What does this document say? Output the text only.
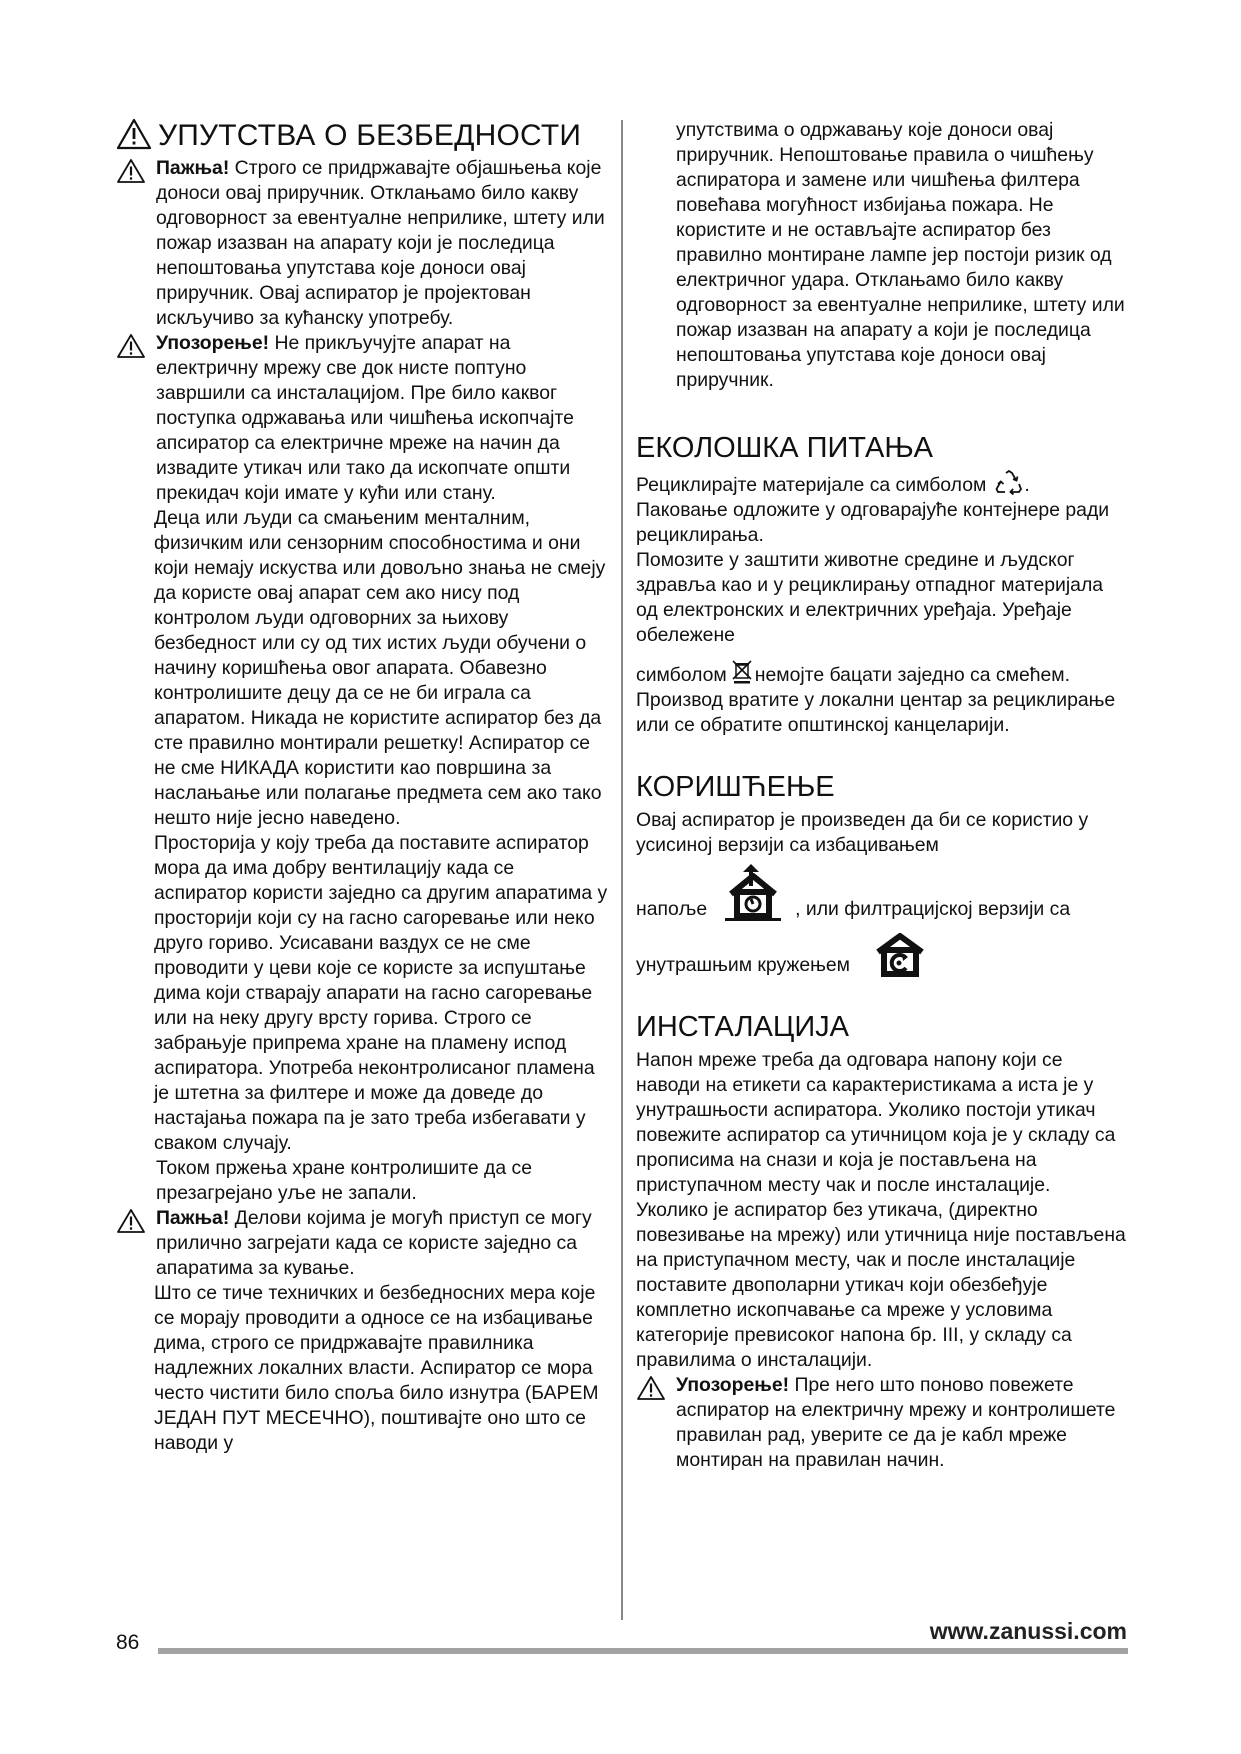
УПУТСТВА О БЕЗБЕДНОСТИ

Пажња! Строго се придржавајте објашњења које доноси овај приручник. Отклањамо било какву одговорност за евентуалне неприлике, штету или пожар изазван на апарату који је последица непоштовања упутстава које доноси овај приручник. Овај аспиратор је пројектован искључиво за кућанску употребу.

Упозорење! Не прикључујте апарат на електричну мрежу све док нисте поптуно завршили са инсталацијом. Пре било каквог поступка одржавања или чишћења ископчајте апсиратор са електричне мреже на начин да извадите утикач или тако да ископчате општи прекидач који имате у кући или стану.

Деца или људи са смањеним менталним, физичким или сензорним способностима и они који немају искуства или довољно знања не смеју да користе овај апарат сем ако нису под контролом људи одговорних за њихову безбедност или су од тих истих људи обучени о начину коришћења овог апарата. Обавезно контролишите децу да се не би играла са апаратом. Никада не користите аспиратор без да сте правилно монтирали решетку! Аспиратор се не сме НИКАДА користити као површина за наслањање или полагање предмета сем ако тако нешто није јесно наведено.

Просторија у коју треба да поставите аспиратор мора да има добру вентилацију када се аспиратор користи заједно са другим апаратима у просторији који су на гасно сагоревање или неко друго гориво. Усисавани ваздух се не сме проводити у цеви које се користе за испуштање дима који стварају апарати на гасно сагоревање или на неку другу врсту горива. Строго се забрањује припрема хране на пламену испод аспиратора. Употреба неконтролисаног пламена је штетна за филтере и може да доведе до настајања пожара па је зато треба избегавати у сваком случају.

Током пржења хране контролишите да се презагрејано уље не запали.

Пажња! Делови којима је могућ приступ се могу прилично загрејати када се користе заједно са апаратима за кување.

Што се тиче техничких и безбедносних мера које се морају проводити а односе се на избацивање дима, строго се придржавајте правилника надлежних локалних власти. Аспиратор се мора често чистити било споља било изнутра (БАРЕМ ЈЕДАН ПУТ МЕСЕЧНО), поштивајте оно што се наводи у

упутствима о одржавању које доноси овај приручник. Непоштовање правила о чишћењу аспиратора и замене или чишћења филтера повећава могућност избијања пожара. Не користите и не остављајте аспиратор без правилно монтиране лампе јер постоји ризик од електричног удара. Отклањамо било какву одговорност за евентуалне неприлике, штету или пожар изазван на апарату а који је последица непоштовања упутстава које доноси овај приручник.

ЕКОЛОШКА ПИТАЊА

Рециклирајте материјале са симболом .

Паковање одложите у одговарајуће контејнере ради рециклирања.

Помозите у заштити животне средине и људског здравља као и у рециклирању отпадног материјала од електронских и електричних уређаја. Уређаје обележене

симболом немојте бацати заједно са смећем. Производ вратите у локални центар за рециклирање или се обратите општинској канцеларији.

КОРИШЋЕЊЕ

Овај аспиратор је произведен да би се користио у усисиној верзији са избацивањем

напоље	, или филтрацијској верзији са

унутрашњим кружењем

ИНСТАЛАЦИЈА

Напон мреже треба да одговара напону који се наводи на етикети са карактеристикама а иста је у унутрашњости аспиратора. Уколико постоји утикач повежите аспиратор са утичницом која је у складу са прописима на снази и која је постављена на приступачном месту чак и после инсталације.

Уколико је аспиратор без утикача, (директно повезивање на мрежу) или утичница није постављена на приступачном месту, чак и после инсталације поставите двополарни утикач који обезбеђује комплетно ископчавање са мреже у условима категорије превисоког напона бр. III, у складу са правилима о инсталацији.

Упозорење! Пре него што поново повежете аспиратор на електричну мрежу и контролишете правилан рад, уверите се да је кабл мреже монтиран на правилан начин.

86	www.zanussi.com
